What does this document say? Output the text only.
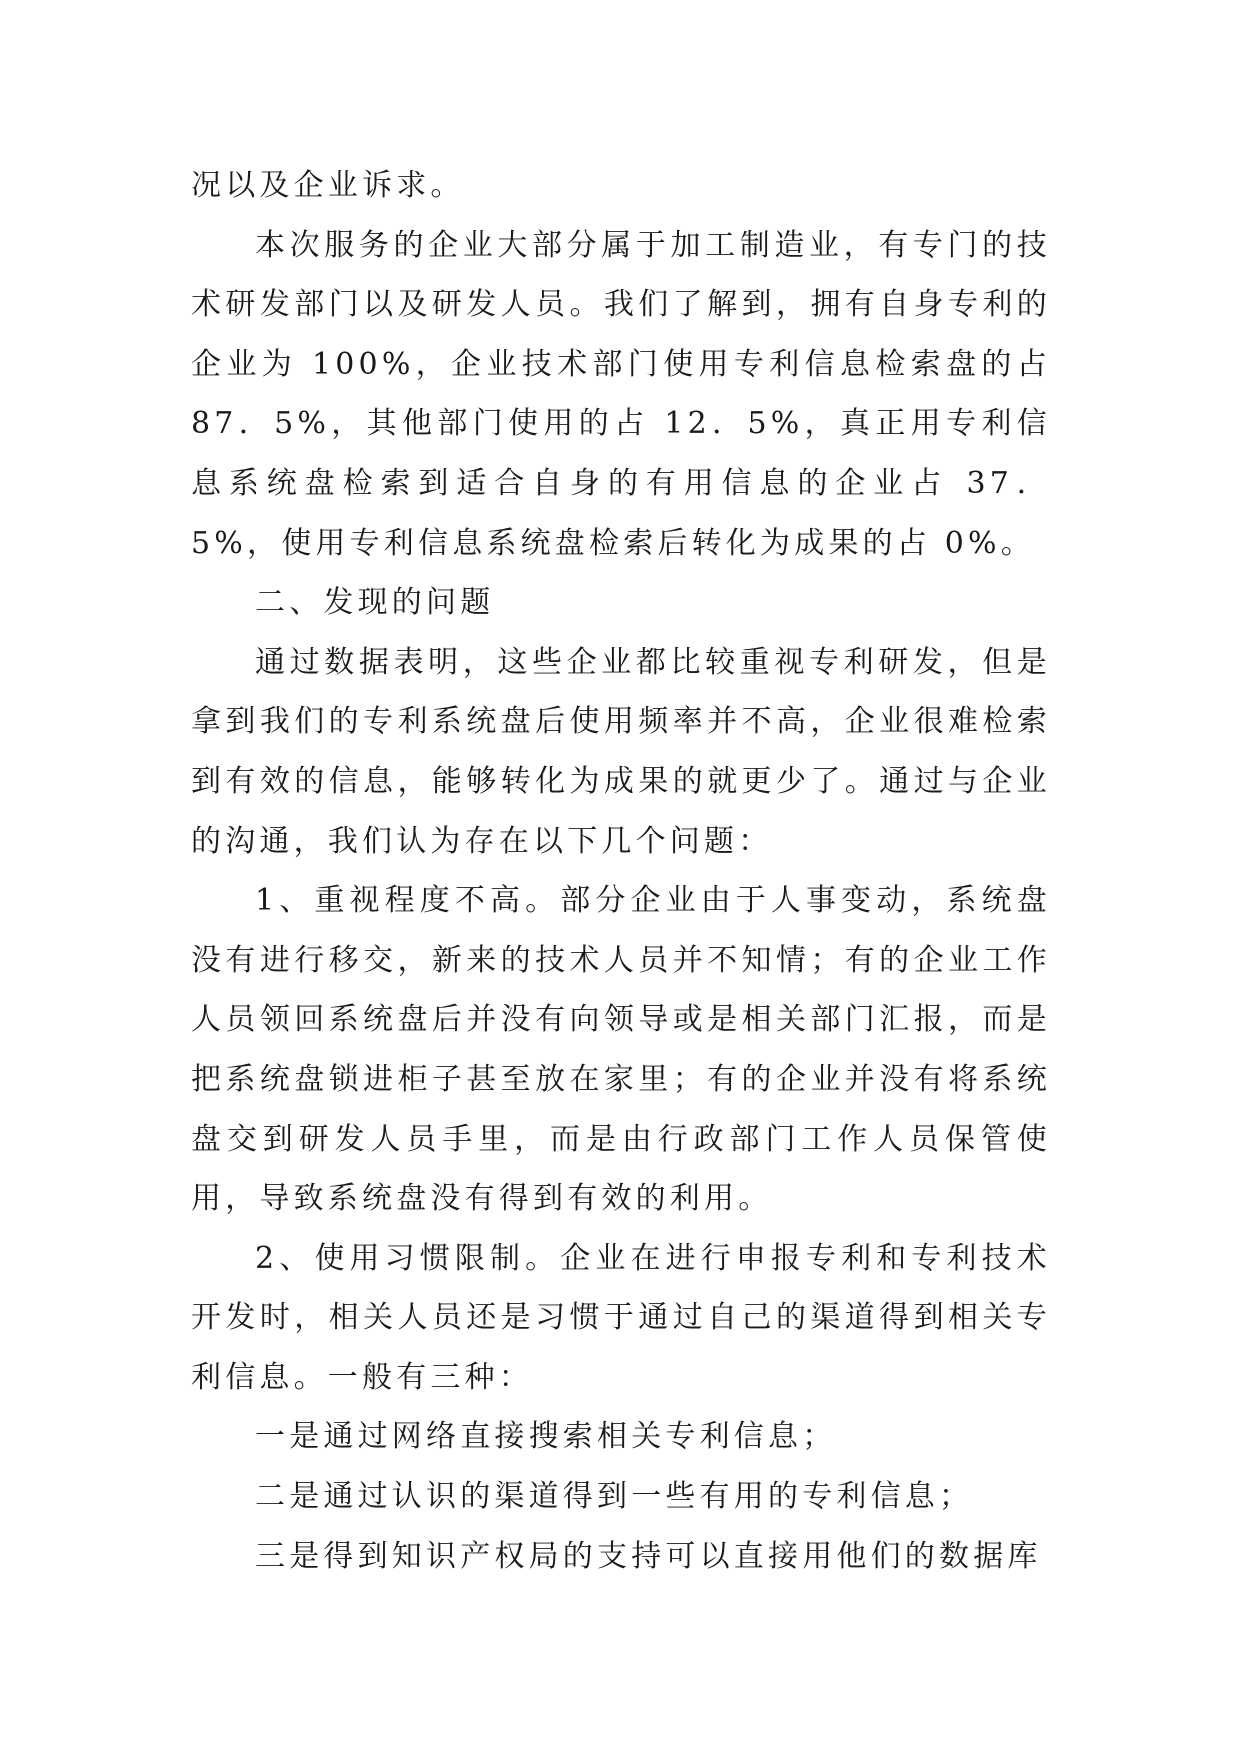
况以及企业诉求。

本次服务的企业大部分属于加工制造业，有专门的技术研发部门以及研发人员。我们了解到，拥有自身专利的企业为 100%，企业技术部门使用专利信息检索盘的占 87．5%，其他部门使用的占 12．5%，真正用专利信息系统盘检索到适合自身的有用信息的企业占 37．5%，使用专利信息系统盘检索后转化为成果的占 0%。

二、发现的问题

通过数据表明，这些企业都比较重视专利研发，但是拿到我们的专利系统盘后使用频率并不高，企业很难检索到有效的信息，能够转化为成果的就更少了。通过与企业的沟通，我们认为存在以下几个问题：

1、重视程度不高。部分企业由于人事变动，系统盘没有进行移交，新来的技术人员并不知情；有的企业工作人员领回系统盘后并没有向领导或是相关部门汇报，而是把系统盘锁进柜子甚至放在家里；有的企业并没有将系统盘交到研发人员手里，而是由行政部门工作人员保管使用，导致系统盘没有得到有效的利用。

2、使用习惯限制。企业在进行申报专利和专利技术开发时，相关人员还是习惯于通过自己的渠道得到相关专利信息。一般有三种：

一是通过网络直接搜索相关专利信息；

二是通过认识的渠道得到一些有用的专利信息；

三是得到知识产权局的支持可以直接用他们的数据库
